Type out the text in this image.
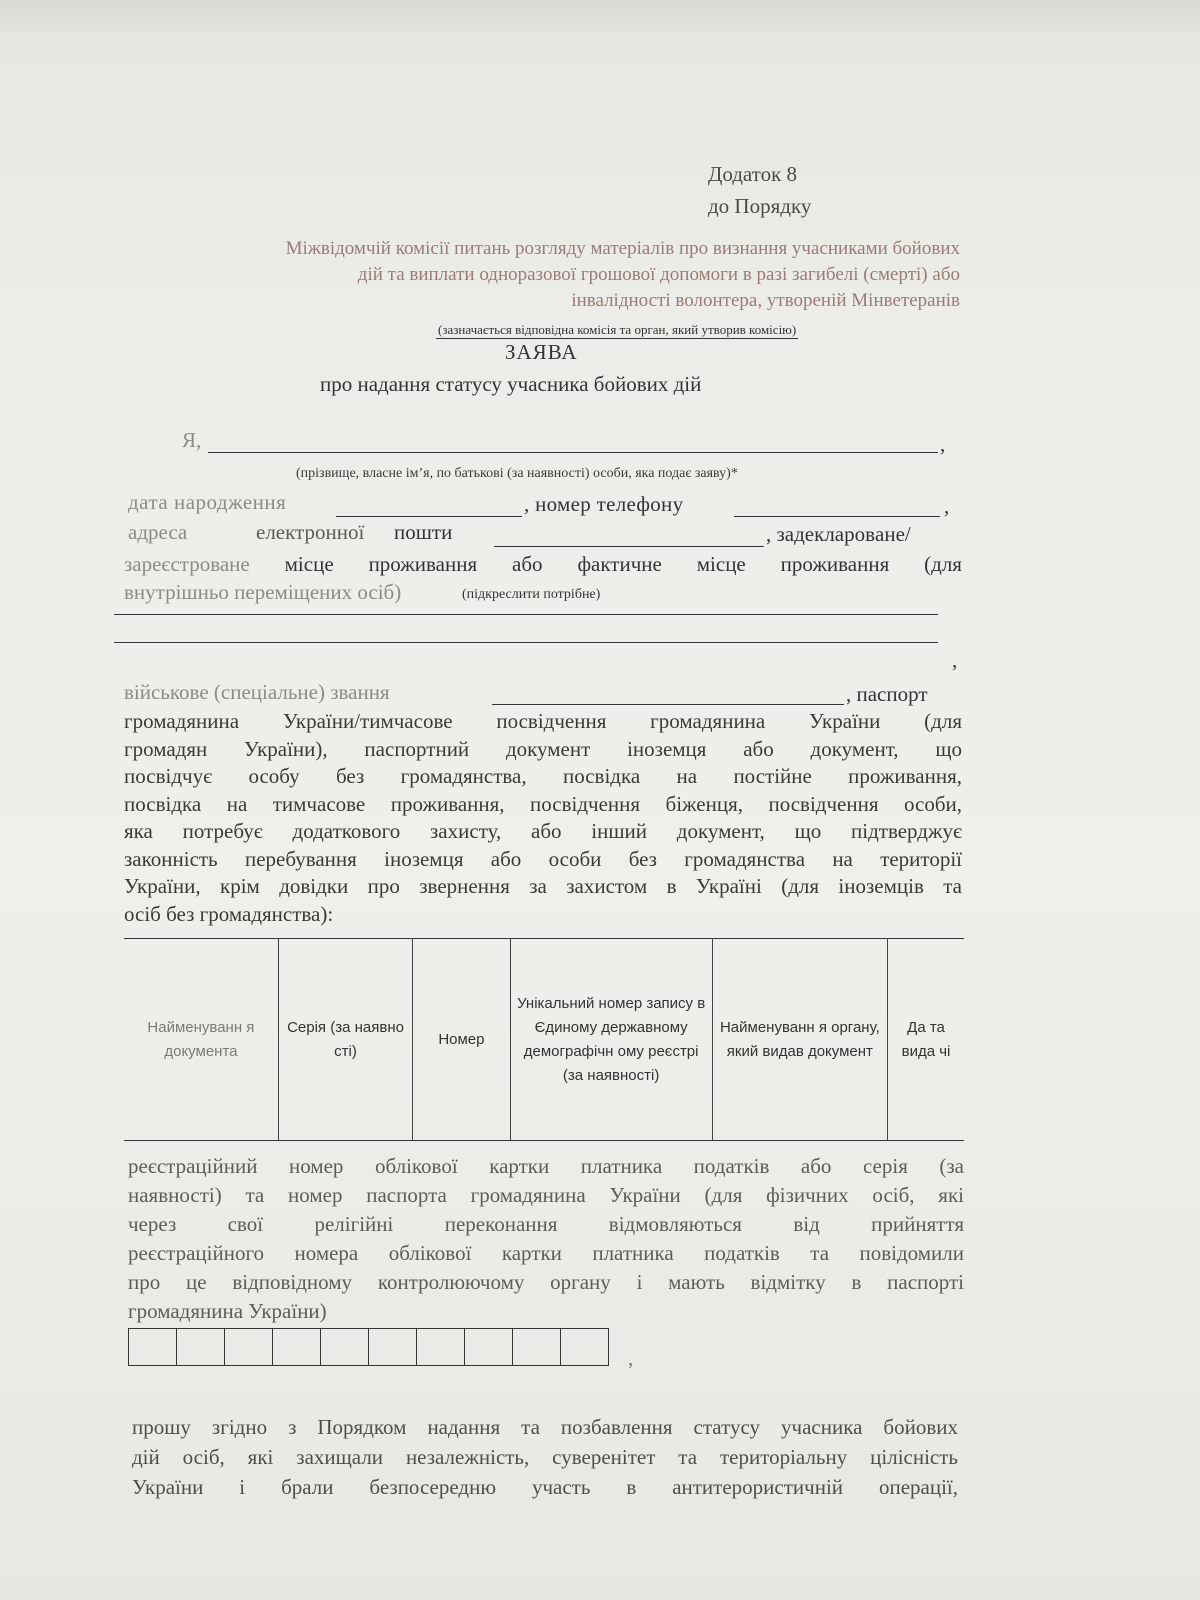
Додаток 8
до Порядку
Міжвідомчій комісії питань розгляду матеріалів про визнання учасниками бойових
дій та виплати одноразової грошової допомоги в разі загибелі (смерті) або
інвалідності волонтера, утвореній Мінветеранів
(зазначається відповідна комісія та орган, який утворив комісію)
ЗАЯВА
про надання статусу учасника бойових дій
Я,	,
(прізвище, власне ім’я, по батькові (за наявності) особи, яка подає заяву)*
дата народження	, номер телефону	,
адреса	електронної пошти	, задекларовaне/
зареєстроване місце проживання або фактичне місце проживання (для
внутрішньо переміщених осіб)	(підкреслити потрібне)
,
військове (спеціальне) звання	, паспорт
громадянина України/тимчасове посвідчення громадянина України (для
громадян України), паспортний документ іноземця або документ, що
посвідчує особу без громадянства, посвідка на постійне проживання,
посвідка на тимчасове проживання, посвідчення біженця, посвідчення особи,
яка потребує додаткового захисту, або інший документ, що підтверджує
законність перебування іноземця або особи без громадянства на території
України, крім довідки про звернення за захистом в Україні (для іноземців та
осіб без громадянства):
Найменуванн я документа	Серія (за наявно сті)	Номер	Унікальний номер запису в Єдиному державному демографічн ому реєстрі (за наявності)	Найменуванн я органу, який видав документ	Да та вида чі
реєстраційний номер облікової картки платника податків або серія (за
наявності) та номер паспорта громадянина України (для фізичних осіб, які
через свої релігійні переконання відмовляються від прийняття
реєстраційного номера облікової картки платника податків та повідомили
про це відповідному контролюючому органу і мають відмітку в паспорті
громадянина України)
,
прошу згідно з Порядком надання та позбавлення статусу учасника бойових
дій осіб, які захищали незалежність, суверенітет та територіальну цілісність
України і брали безпосередню участь в антитерористичній операції,
